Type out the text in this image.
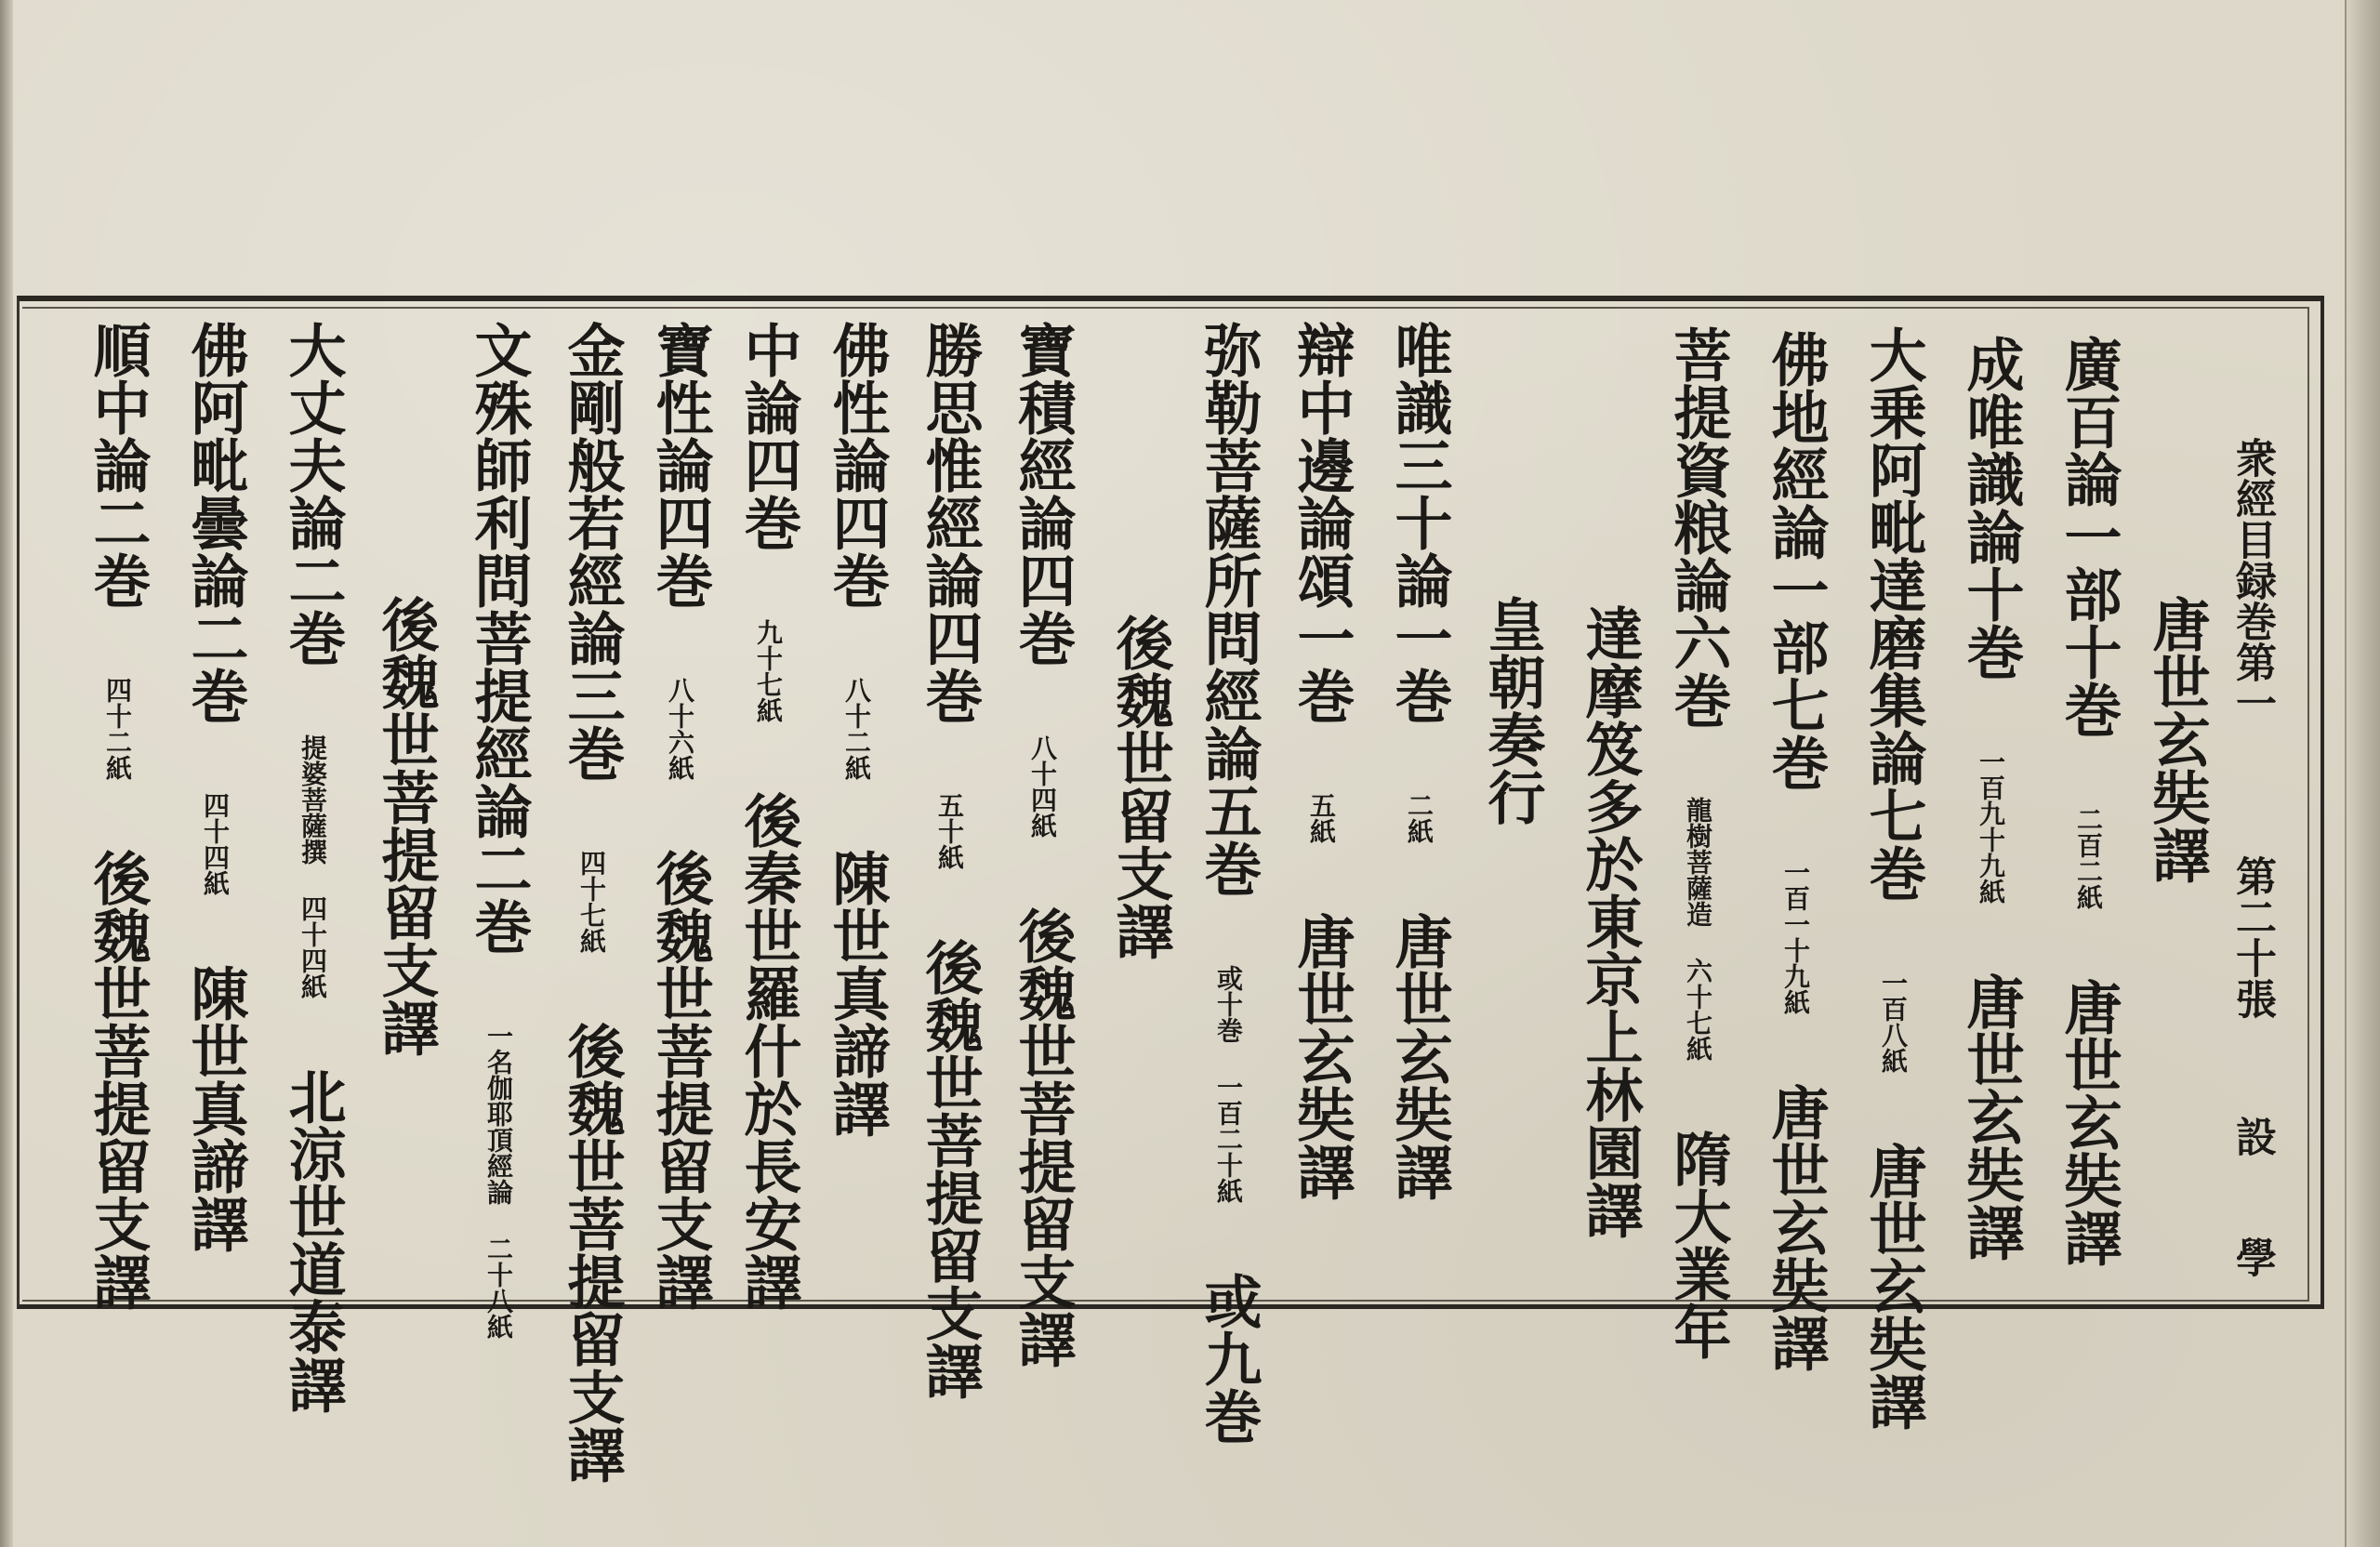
衆經目録巻第一
第二十張
設
學
廣百論一部十巻 二百二紙 唐世玄奘譯
唐世玄奘譯
成唯識論十巻 一百九十九紙 唐世玄奘譯
大乗阿毗達磨集論七巻 一百八紙 唐世玄奘譯
佛地經論一部七巻 一百一十九紙 唐世玄奘譯
菩提資粮論六巻 龍樹菩薩造 六十七紙 隋大業年
達摩笈多於東京上林園譯
皇朝奏行
唯識三十論一巻 二紙 唐世玄奘譯
辯中邊論頌一巻 五紙 唐世玄奘譯
弥勒菩薩所問經論五巻 或十巻 一百二十紙 或九巻
後魏世留支譯
寶積經論四巻 八十四紙 後魏世菩提留支譯
勝思惟經論四巻 五十紙 後魏世菩提留支譯
佛性論四巻 八十二紙 陳世真諦譯
中論四巻 九十七紙 後秦世羅什於長安譯
寶性論四巻 八十六紙 後魏世菩提留支譯
金剛般若經論三巻 四十七紙 後魏世菩提留支譯
文殊師利問菩提經論二巻 一名伽耶頂經論 二十八紙
後魏世菩提留支譯
大丈夫論二巻 提婆菩薩撰 四十四紙 北涼世道泰譯
佛阿毗曇論二巻 四十四紙 陳世真諦譯
順中論二巻 四十二紙 後魏世菩提留支譯
